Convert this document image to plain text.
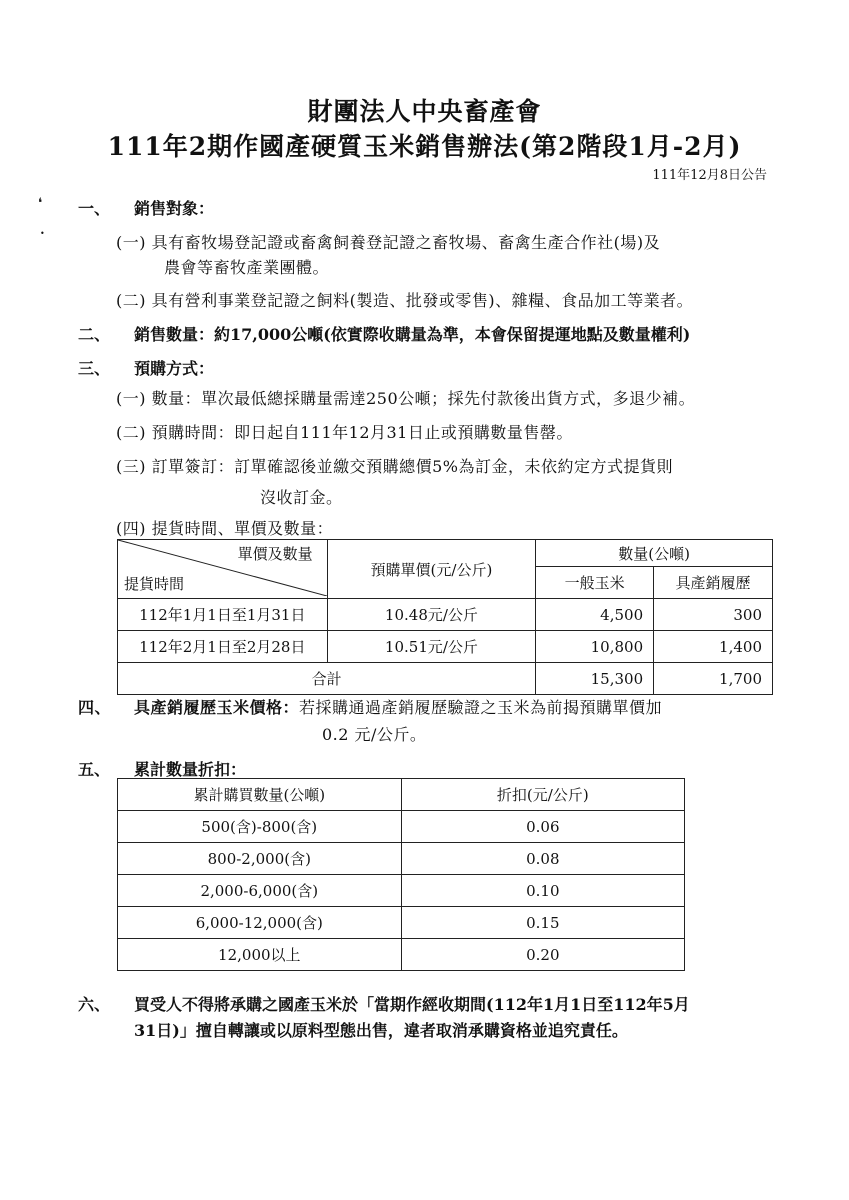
❛
•
財團法人中央畜產會
111年2期作國產硬質玉米銷售辦法(第2階段1月-2月)
111年12月8日公告
一、 銷售對象：
(一) 具有畜牧場登記證或畜禽飼養登記證之畜牧場、畜禽生產合作社(場)及
農會等畜牧產業團體。
(二) 具有營利事業登記證之飼料(製造、批發或零售)、雜糧、食品加工等業者。
二、 銷售數量：約17,000公噸(依實際收購量為準，本會保留提運地點及數量權利)
三、 預購方式：
(一) 數量：單次最低總採購量需達250公噸；採先付款後出貨方式，多退少補。
(二) 預購時間：即日起自111年12月31日止或預購數量售罄。
(三) 訂單簽訂：訂單確認後並繳交預購總價5%為訂金，未依約定方式提貨則
沒收訂金。
(四) 提貨時間、單價及數量：
單價及數量
提貨時間	預購單價(元/公斤)	數量(公噸)	
		一般玉米	具產銷履歷
112年1月1日至1月31日	10.48元/公斤	4,500	300
112年2月1日至2月28日	10.51元/公斤	10,800	1,400
合計		15,300	1,700
四、 具產銷履歷玉米價格：若採購通過產銷履歷驗證之玉米為前揭預購單價加
0.2 元/公斤。
五、 累計數量折扣：
累計購買數量(公噸)	折扣(元/公斤)
500(含)-800(含)	0.06
800-2,000(含)	0.08
2,000-6,000(含)	0.10
6,000-12,000(含)	0.15
12,000以上	0.20
六、 買受人不得將承購之國產玉米於「當期作經收期間(112年1月1日至112年5月
31日)」擅自轉讓或以原料型態出售，違者取消承購資格並追究責任。
